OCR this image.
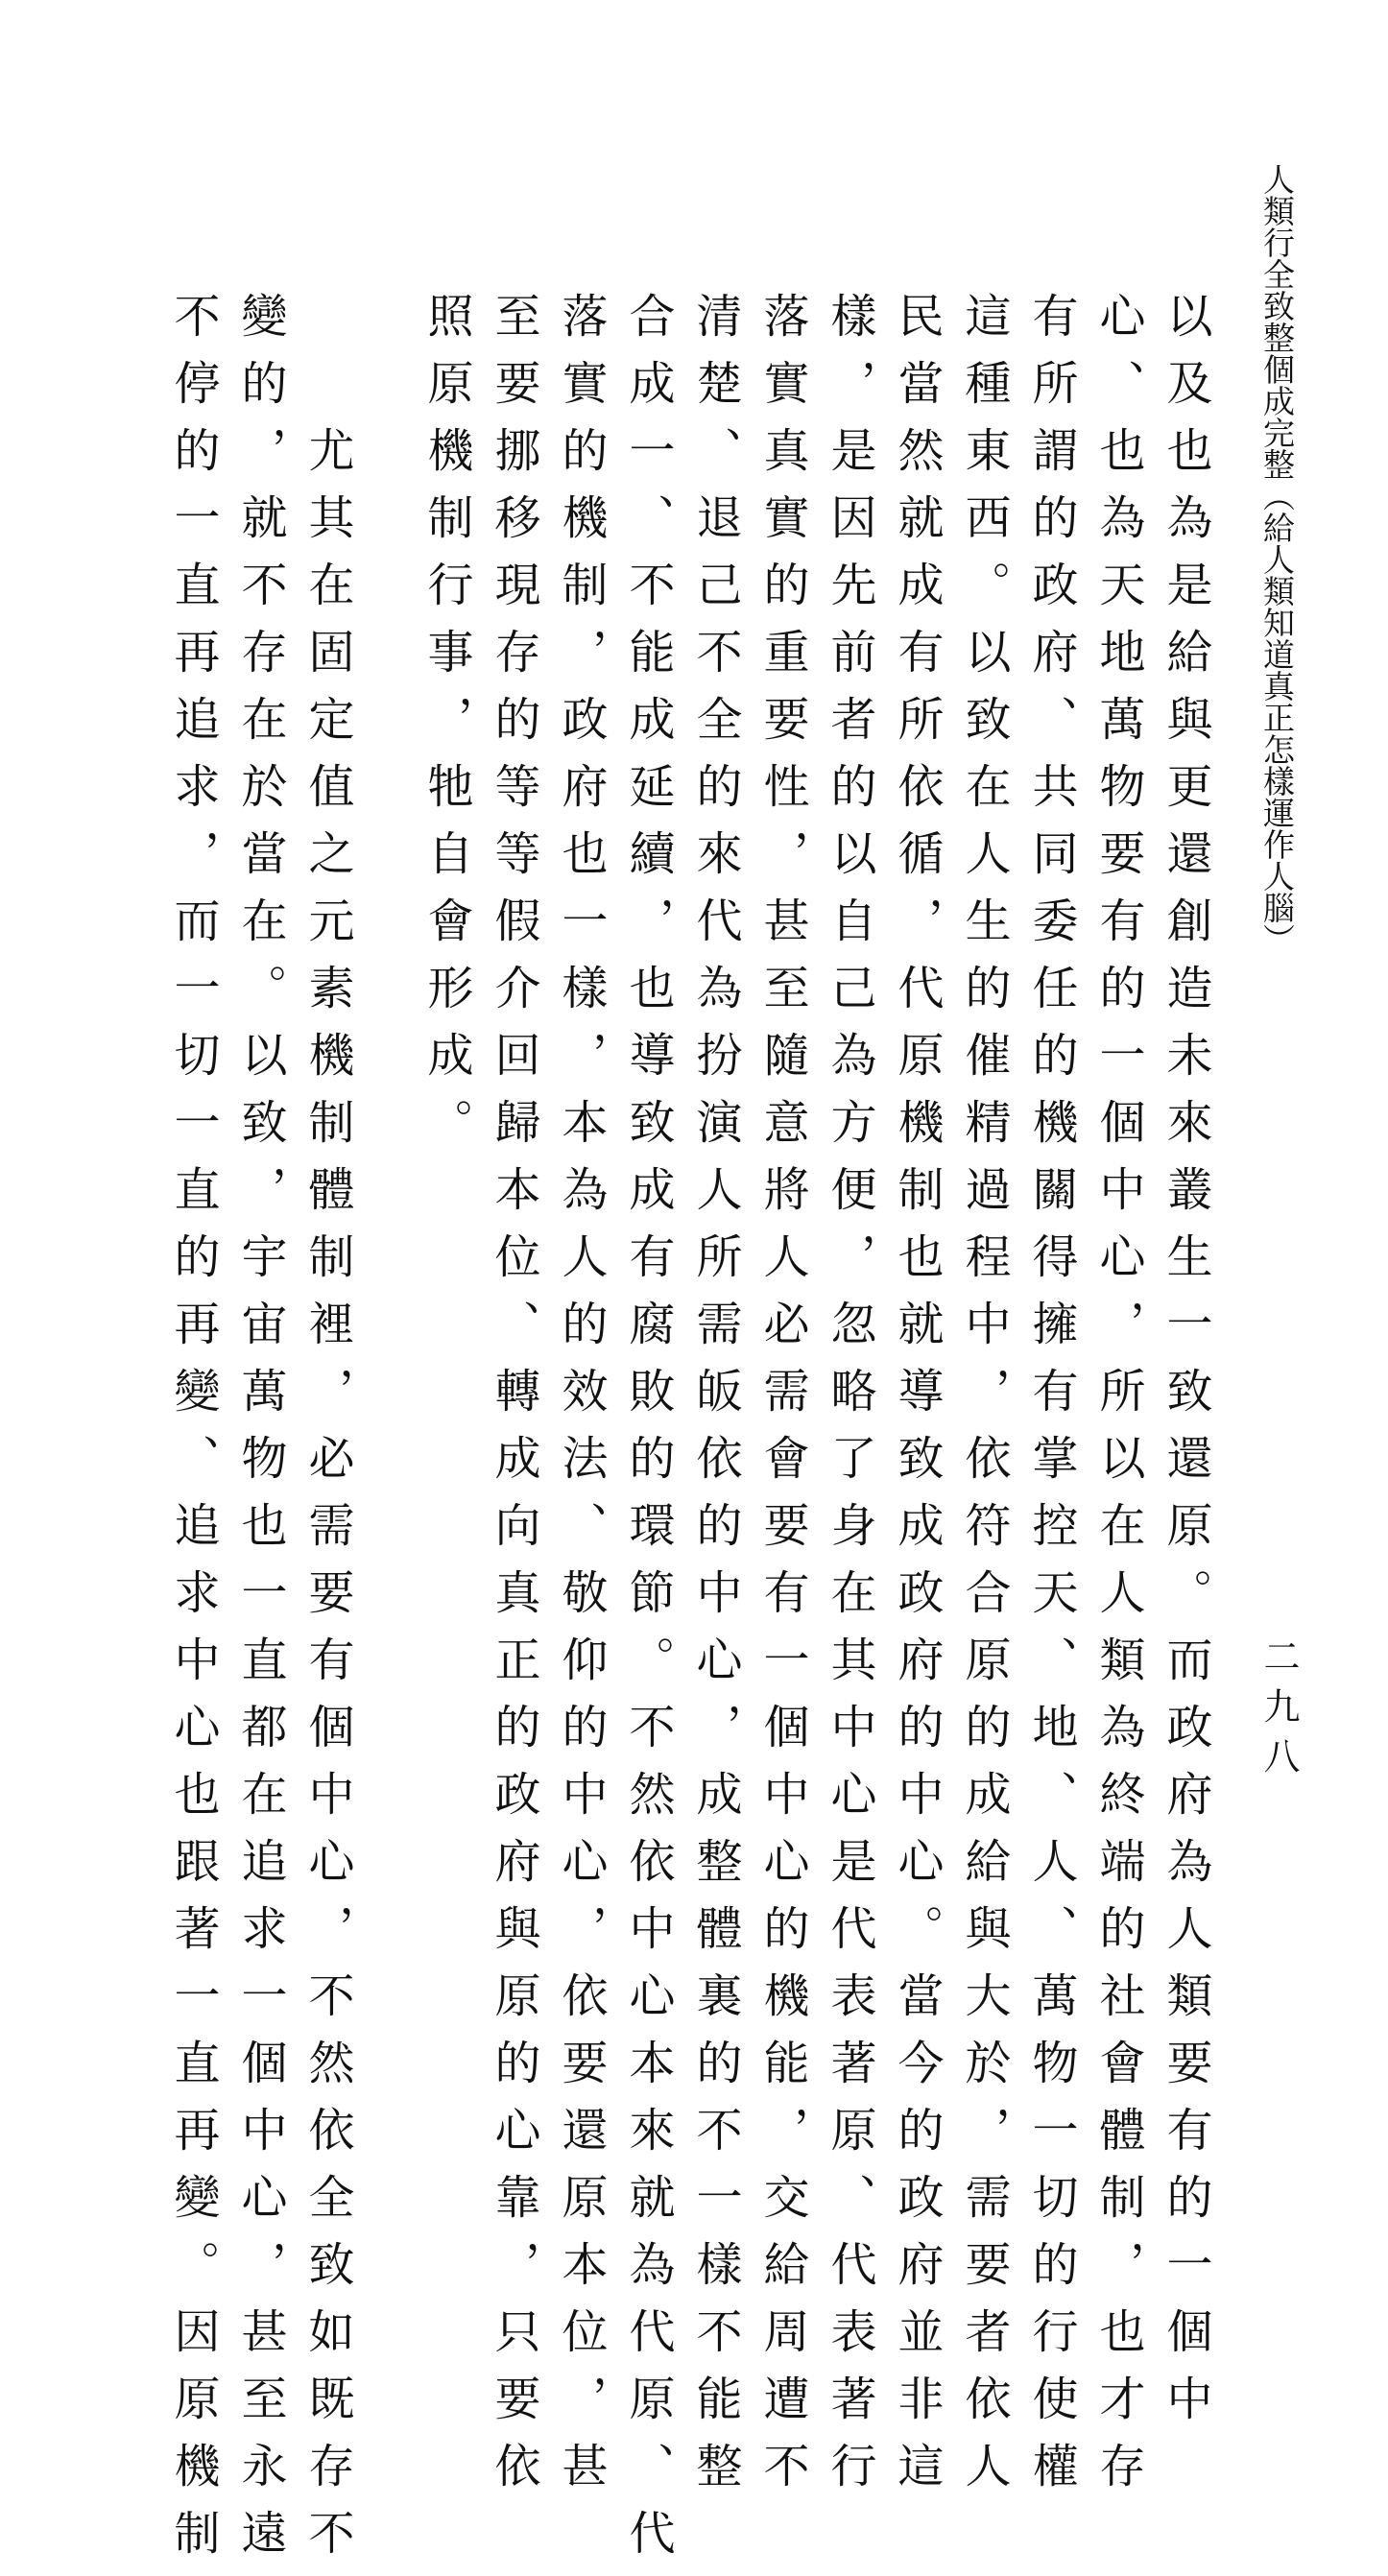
人類行全致整個成完整︵給人類知道真正怎樣運作人腦︶
二九八

以及也為是給與更還創造未來叢生一致還原。而政府為人類要有的一個中

心、也為天地萬物要有的一個中心，所以在人類為終端的社會體制，也才存

有所謂的政府、共同委任的機關得擁有掌控天、地、人、萬物一切的行使權

這種東西。以致在人生的催精過程中，依符合原的成給與大於，需要者依人

民當然就成有所依循，代原機制也就導致成政府的中心。當今的政府並非這

樣，是因先前者的以自己為方便，忽略了身在其中心是代表著原、代表著行

落實真實的重要性，甚至隨意將人必需會要有一個中心的機能，交給周遭不

清楚、退己不全的來代為扮演人所需皈依的中心，成整體裏的不一樣不能整

合成一、不能成延續，也導致成有腐敗的環節。不然依中心本來就為代原、代

落實的機制，政府也一樣，本為人的效法、敬仰的中心，依要還原本位，甚

至要挪移現存的等等假介回歸本位、轉成向真正的政府與原的心靠，只要依

照原機制行事，牠自會形成。

尤其在固定值之元素機制體制裡，必需要有個中心，不然依全致如既存不

變的，就不存在於當在。以致，宇宙萬物也一直都在追求一個中心，甚至永遠

不停的一直再追求，而一切一直的再變、追求中心也跟著一直再變。因原機制
